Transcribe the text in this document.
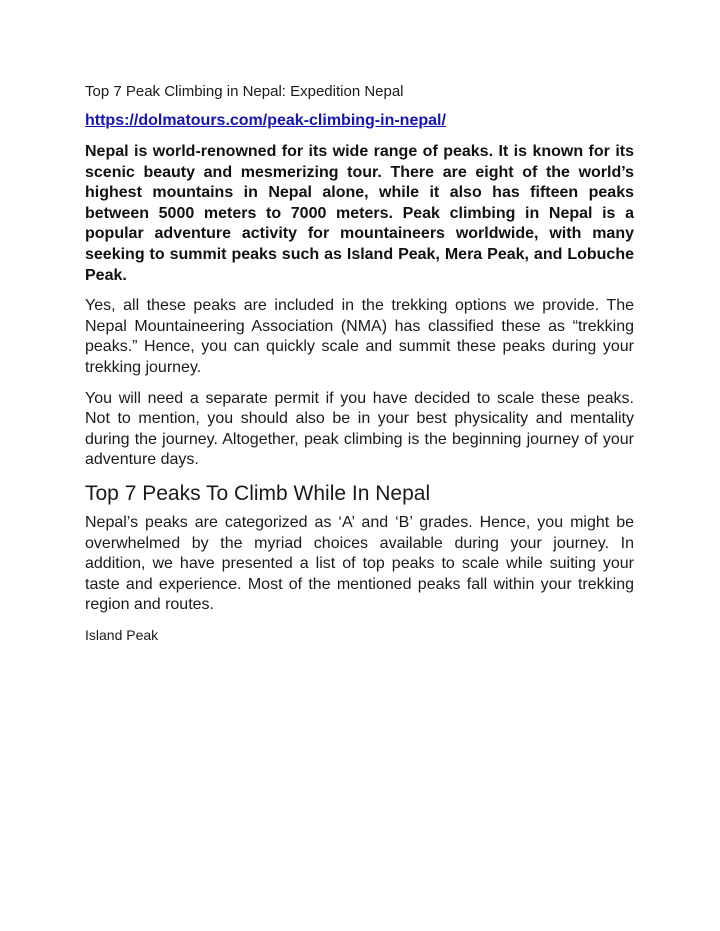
Top 7 Peak Climbing in Nepal: Expedition Nepal
https://dolmatours.com/peak-climbing-in-nepal/

Nepal is world-renowned for its wide range of peaks. It is known for its scenic beauty and mesmerizing tour. There are eight of the world’s highest mountains in Nepal alone, while it also has fifteen peaks between 5000 meters to 7000 meters. Peak climbing in Nepal is a popular adventure activity for mountaineers worldwide, with many seeking to summit peaks such as Island Peak, Mera Peak, and Lobuche Peak.

Yes, all these peaks are included in the trekking options we provide. The Nepal Mountaineering Association (NMA) has classified these as “trekking peaks.” Hence, you can quickly scale and summit these peaks during your trekking journey.

You will need a separate permit if you have decided to scale these peaks. Not to mention, you should also be in your best physicality and mentality during the journey. Altogether, peak climbing is the beginning journey of your adventure days.

Top 7 Peaks To Climb While In Nepal

Nepal’s peaks are categorized as ‘A’ and ‘B’ grades. Hence, you might be overwhelmed by the myriad choices available during your journey. In addition, we have presented a list of top peaks to scale while suiting your taste and experience. Most of the mentioned peaks fall within your trekking region and routes.

Island Peak
